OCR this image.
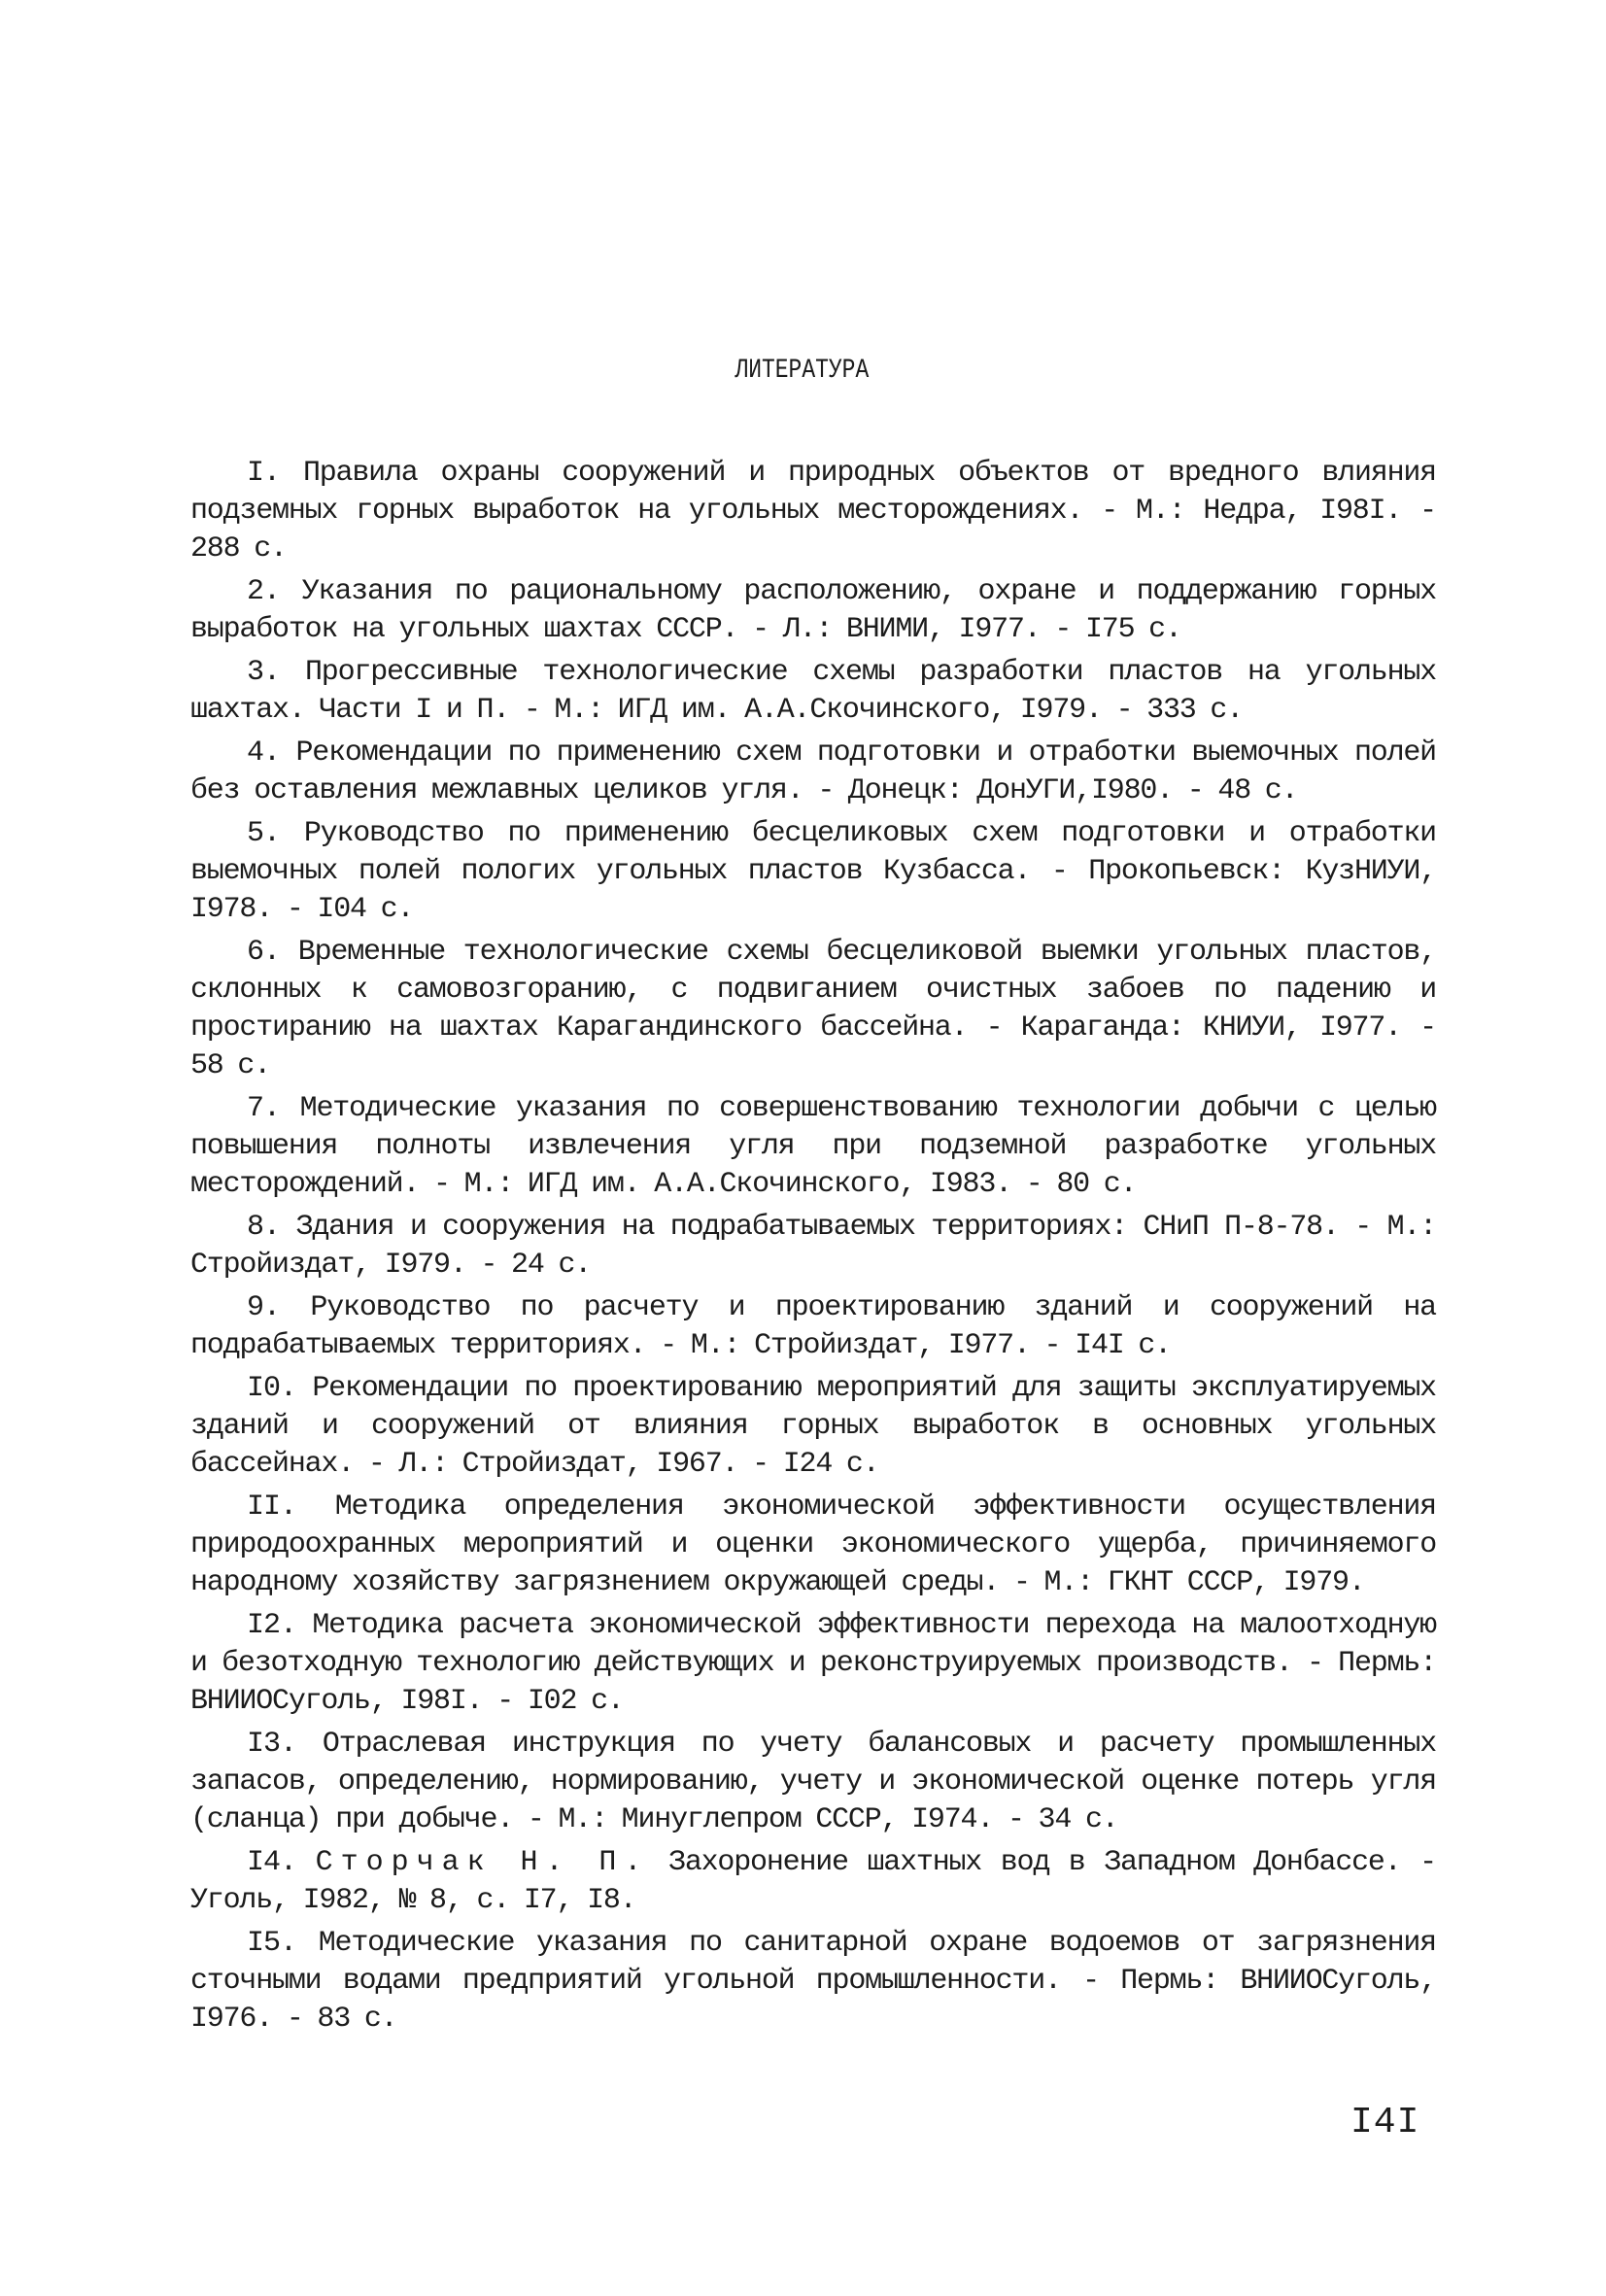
ЛИТЕРАТУРА

I. Правила охраны сооружений и природных объектов от вредного влияния подземных горных выработок на угольных месторождениях. - М.: Недра, I98I. - 288 с.

2. Указания по рациональному расположению, охране и поддержанию горных выработок на угольных шахтах СССР. - Л.: ВНИМИ, I977. - I75 с.

3. Прогрессивные технологические схемы разработки пластов на угольных шахтах. Части I и П. - М.: ИГД им. А.А.Скочинского, I979. - 333 с.

4. Рекомендации по применению схем подготовки и отработки выемочных полей без оставления межлавных целиков угля. - Донецк: ДонУГИ,I980. - 48 с.

5. Руководство по применению бесцеликовых схем подготовки и отработки выемочных полей пологих угольных пластов Кузбасса. - Прокопьевск: КузНИУИ, I978. - I04 с.

6. Временные технологические схемы бесцеликовой выемки угольных пластов, склонных к самовозгоранию, с подвиганием очистных забоев по падению и простиранию на шахтах Карагандинского бассейна. - Караганда: КНИУИ, I977. - 58 с.

7. Методические указания по совершенствованию технологии добычи с целью повышения полноты извлечения угля при подземной разработке угольных месторождений. - М.: ИГД им. А.А.Скочинского, I983. - 80 с.

8. Здания и сооружения на подрабатываемых территориях: СНиП П-8-78. - М.: Стройиздат, I979. - 24 с.

9. Руководство по расчету и проектированию зданий и сооружений на подрабатываемых территориях. - М.: Стройиздат, I977. - I4I с.

I0. Рекомендации по проектированию мероприятий для защиты эксплуатируемых зданий и сооружений от влияния горных выработок в основных угольных бассейнах. - Л.: Стройиздат, I967. - I24 с.

II. Методика определения экономической эффективности осуществления природоохранных мероприятий и оценки экономического ущерба, причиняемого народному хозяйству загрязнением окружающей среды. - М.: ГКНТ СССР, I979.

I2. Методика расчета экономической эффективности перехода на малоотходную и безотходную технологию действующих и реконструируемых производств. - Пермь: ВНИИОСуголь, I98I. - I02 с.

I3. Отраслевая инструкция по учету балансовых и расчету промышленных запасов, определению, нормированию, учету и экономической оценке потерь угля (сланца) при добыче. - М.: Минуглепром СССР, I974. - 34 с.

I4. Сторчак Н. П. Захоронение шахтных вод в Западном Донбассе. - Уголь, I982, № 8, с. I7, I8.

I5. Методические указания по санитарной охране водоемов от загрязнения сточными водами предприятий угольной промышленности. - Пермь: ВНИИОСуголь, I976. - 83 с.

I4I
